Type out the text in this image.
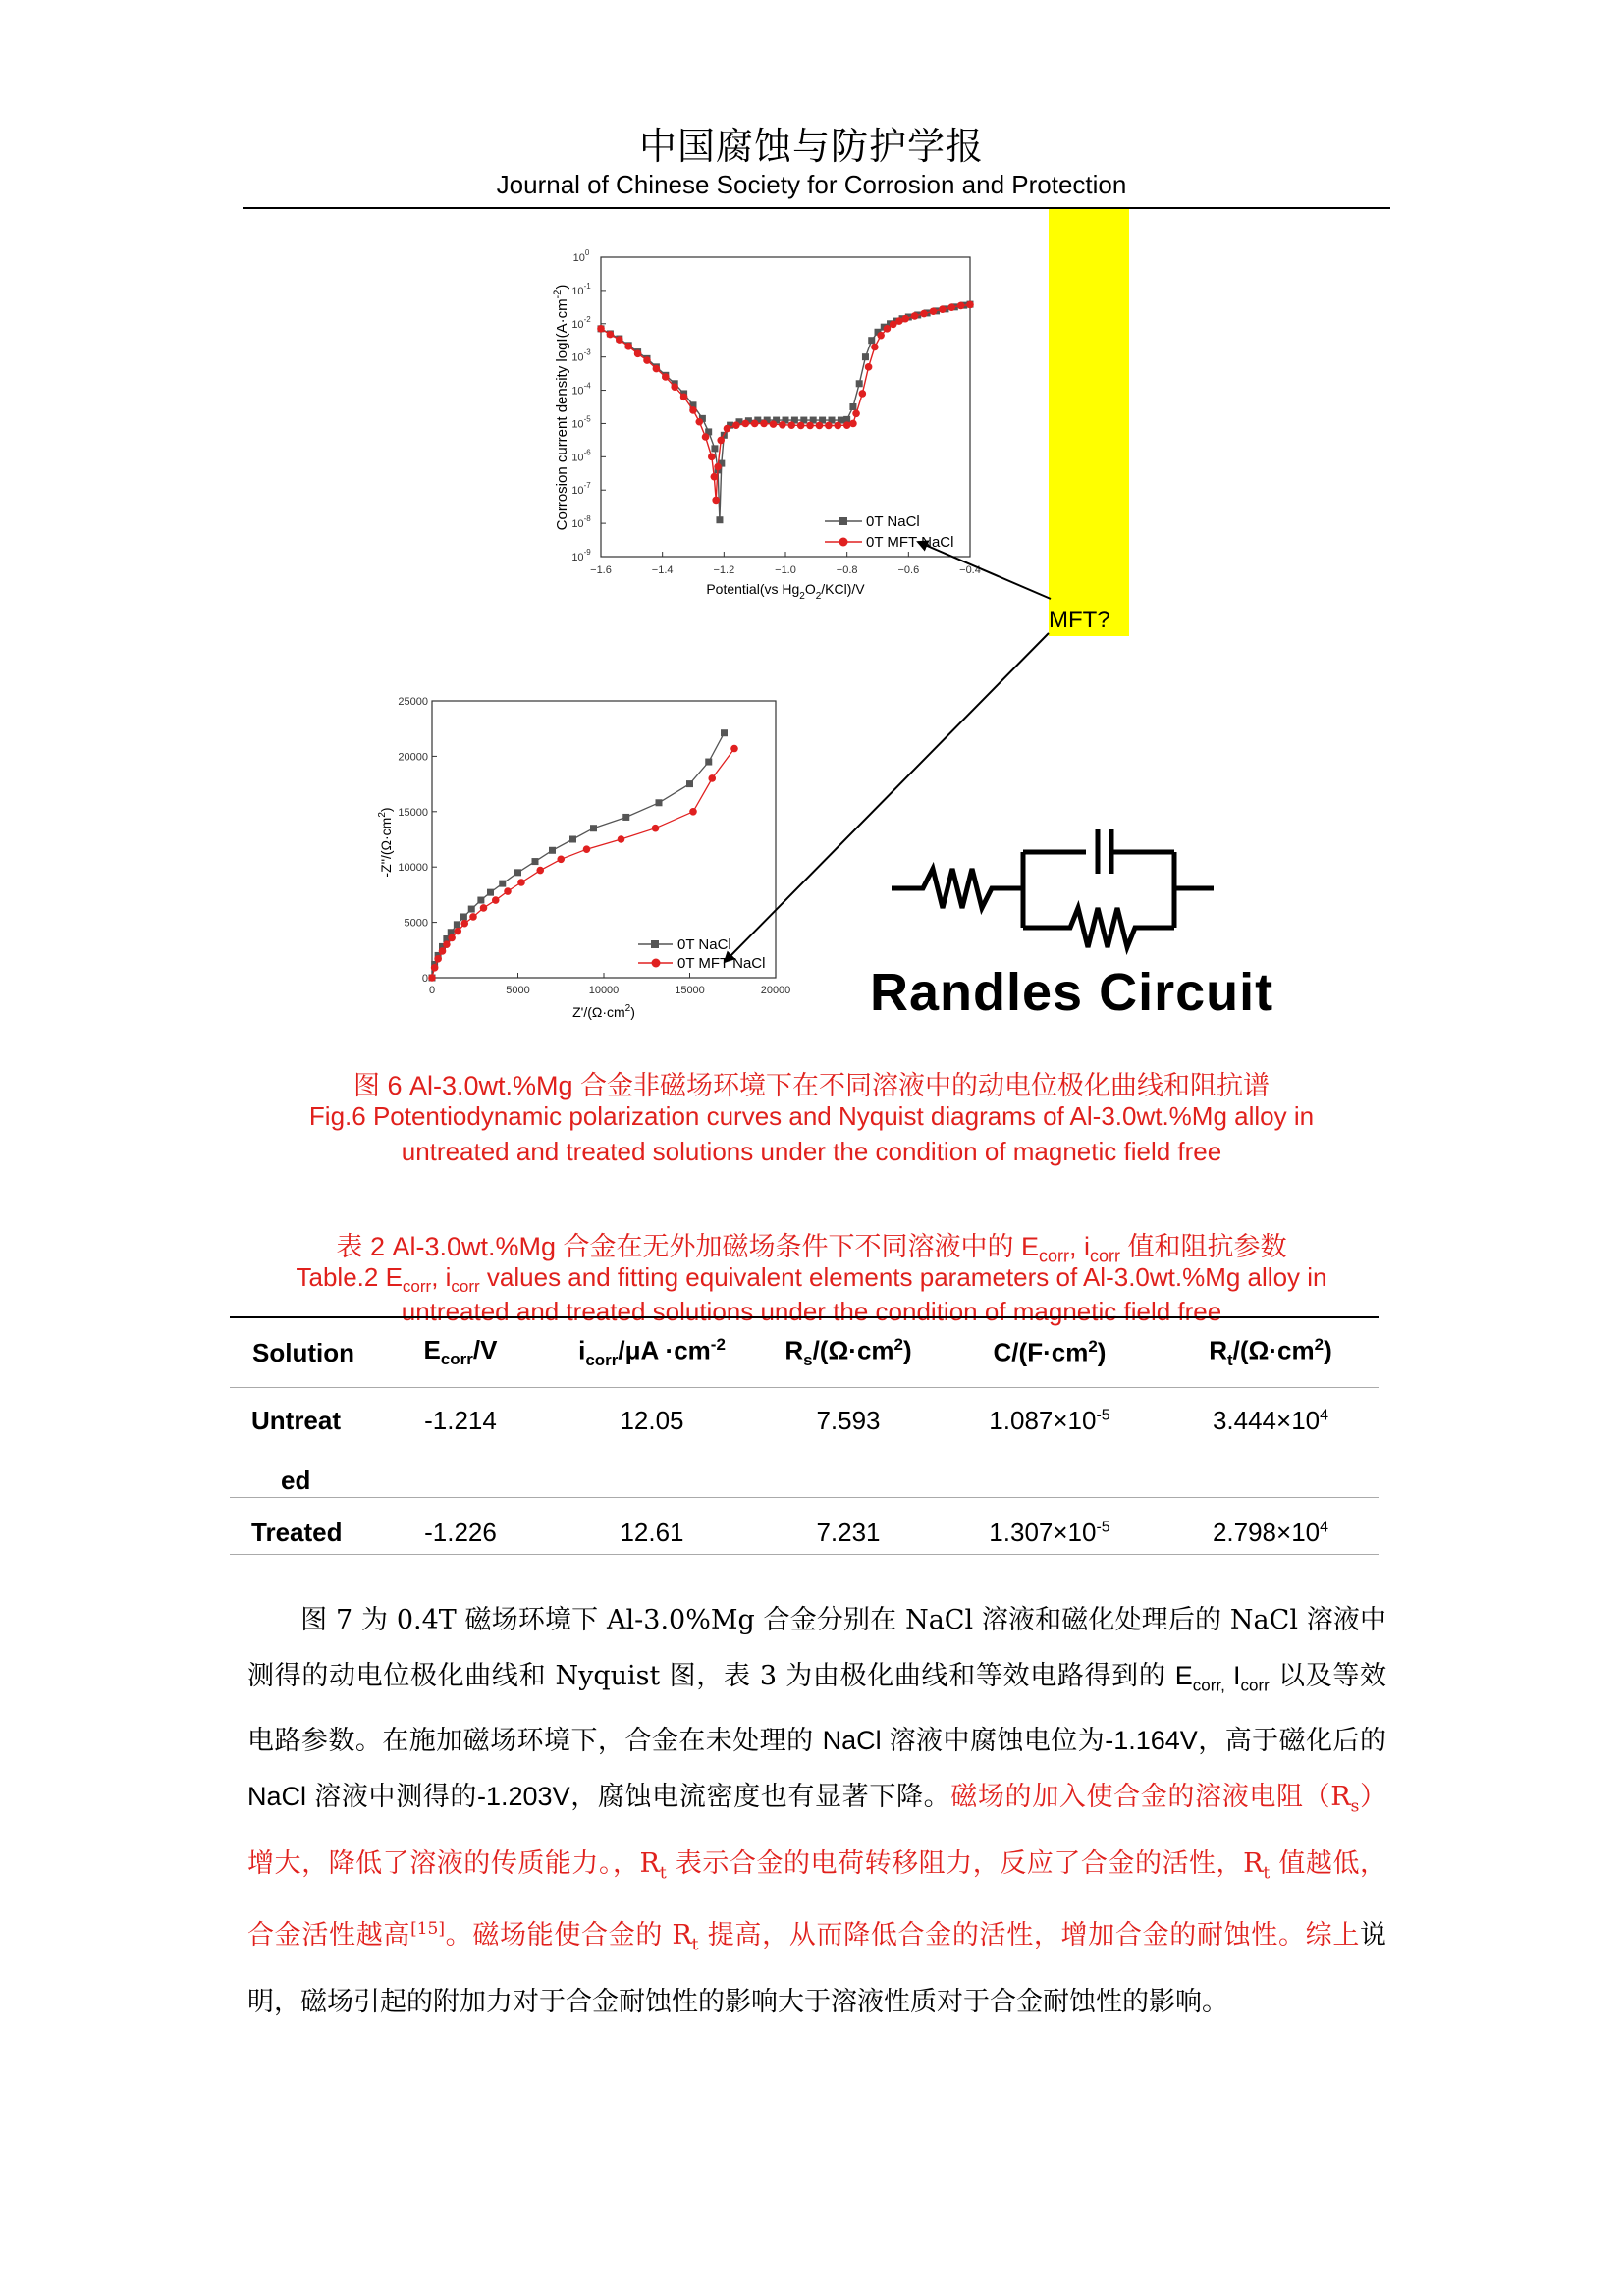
中国腐蚀与防护学报
Journal of Chinese Society for Corrosion and Protection
MFT?
−1.6	−1.4	−1.2	−1.0	−0.8	−0.6	−0.4
$10^{-9}$
$10^{-8}$
$10^{-7}$
$10^{-6}$
$10^{-5}$
$10^{-4}$
$10^{-3}$
$10^{-2}$
$10^{-1}$
$10^0$
Corrosion current density $\log I(A\cdot cm^{-2})$
Potential(vs $Hg_2O_2/KCl)/V$
0T NaCl
0T MFT NaCl
0	5000	10000	15000	20000
0
5000
10000
15000
20000
25000
$-Z''/(\Omega\cdot cm^2)$
$Z'/(\Omega\cdot cm^2)$
0T NaCl
0T MFT NaCl Randles Circuit
图 6 Al-3.0wt.%Mg 合金非磁场环境下在不同溶液中的动电位极化曲线和阻抗谱
Fig.6 Potentiodynamic polarization curves and Nyquist diagrams of Al-3.0wt.%Mg alloy in
untreated and treated solutions under the condition of magnetic field free
表 2 Al-3.0wt.%Mg 合金在无外加磁场条件下不同溶液中的 $E_{corr}$, $i_{corr}$ 值和阻抗参数
Table.2 $E_{corr}$, $i_{corr}$ values and fitting equivalent elements parameters of Al-3.0wt.%Mg alloy in
untreated and treated solutions under the condition of magnetic field free
Solution	$E_{corr}/V$	$i_{corr}/\mu A \cdot cm^{-2}$	$R_s/(\Omega\cdot cm^2)$	$C/(F\cdot cm^2)$	$R_t/(\Omega\cdot cm^2)$
Untreat
ed	-1.214	12.05	7.593	$1.087\times 10^{-5}$	$3.444\times 10^4$
Treated	-1.226	12.61	7.231	$1.307\times 10^{-5}$	$2.798\times 10^4$
图 7 为 0.4T 磁场环境下 Al-3.0%Mg 合金分别在 NaCl 溶液和磁化处理后的 NaCl 溶液中测得的动电位极化曲线和 Nyquist 图，表 3 为由极化曲线和等效电路得到的 $E_{corr,}$ $I_{corr}$ 以及等效电路参数。在施加磁场环境下，合金在未处理的 NaCl 溶液中腐蚀电位为-1.164V，高于磁化后的 NaCl 溶液中测得的-1.203V，腐蚀电流密度也有显著下降。磁场的加入使合金的溶液电阻$(R_s)$增大，降低了溶液的传质能力。，$R_t$ 表示合金的电荷转移阻力，反应了合金的活性，$R_t$ 值越低，合金活性越高[15]。磁场能使合金的 $R_t$ 提高，从而降低合金的活性，增加合金的耐蚀性。综上说明，磁场引起的附加力对于合金耐蚀性的影响大于溶液性质对于合金耐蚀性的影响。
